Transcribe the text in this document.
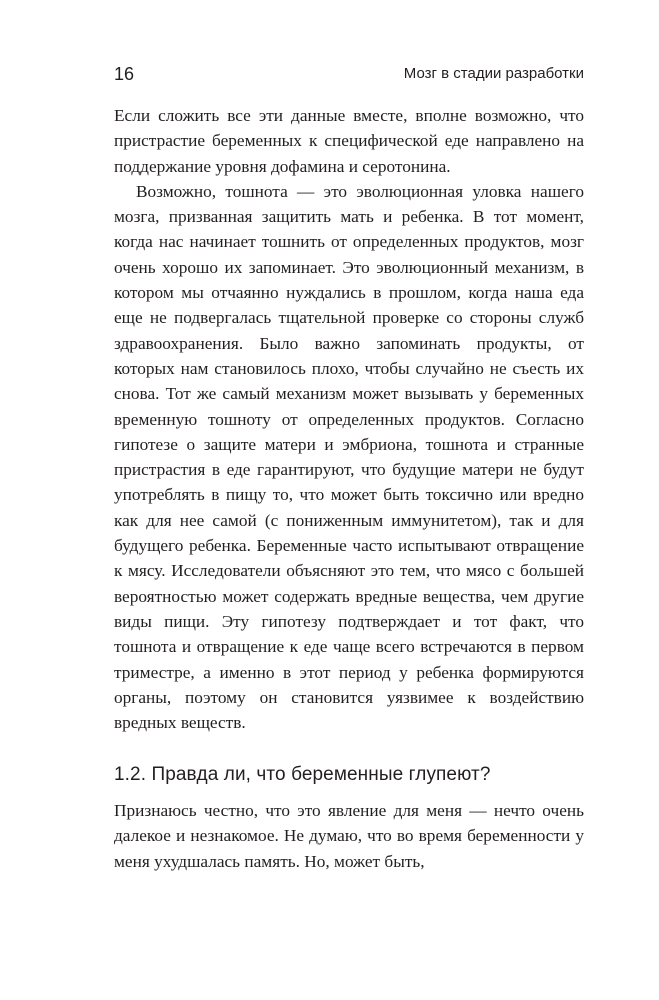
16	Мозг в стадии разработки

Если сложить все эти данные вместе, вполне возможно, что пристрастие беременных к специфической еде направлено на поддержание уровня дофамина и серотонина.

Возможно, тошнота — это эволюционная уловка нашего мозга, призванная защитить мать и ребенка. В тот момент, когда нас начинает тошнить от определенных продуктов, мозг очень хорошо их запоминает. Это эволюционный механизм, в котором мы отчаянно нуждались в прошлом, когда наша еда еще не подвергалась тщательной проверке со стороны служб здравоохранения. Было важно запоминать продукты, от которых нам становилось плохо, чтобы случайно не съесть их снова. Тот же самый механизм может вызывать у беременных временную тошноту от определенных продуктов. Согласно гипотезе о защите матери и эмбриона, тошнота и странные пристрастия в еде гарантируют, что будущие матери не будут употреблять в пищу то, что может быть токсично или вредно как для нее самой (с пониженным иммунитетом), так и для будущего ребенка. Беременные часто испытывают отвращение к мясу. Исследователи объясняют это тем, что мясо с большей вероятностью может содержать вредные вещества, чем другие виды пищи. Эту гипотезу подтверждает и тот факт, что тошнота и отвращение к еде чаще всего встречаются в первом триместре, а именно в этот период у ребенка формируются органы, поэтому он становится уязвимее к воздействию вредных веществ.

1.2. Правда ли, что беременные глупеют?

Признаюсь честно, что это явление для меня — нечто очень далекое и незнакомое. Не думаю, что во время беременности у меня ухудшалась память. Но, может быть,
